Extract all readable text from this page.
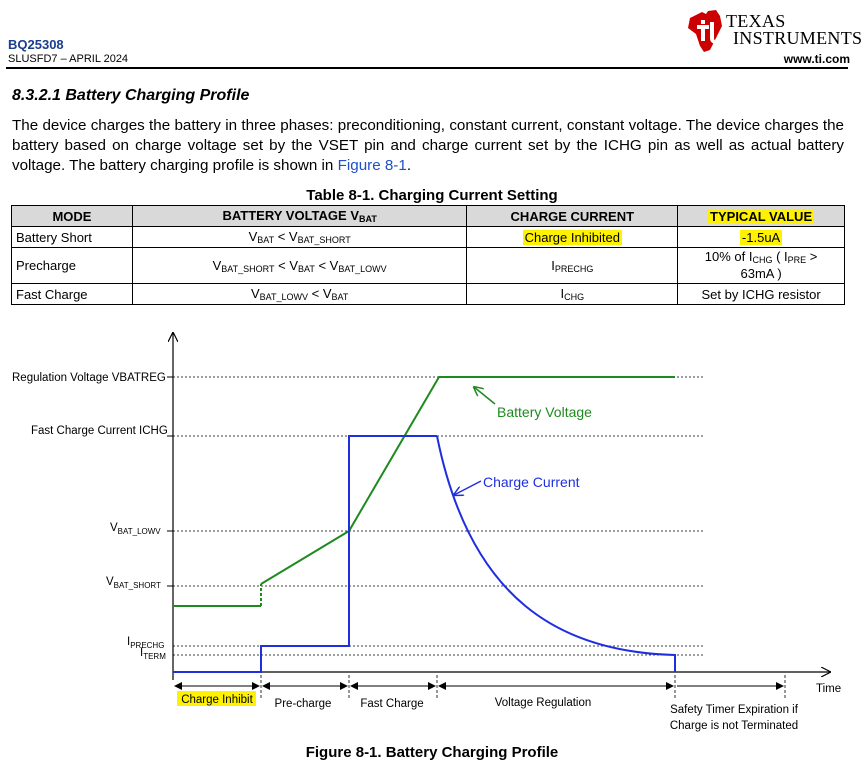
BQ25308
SLUSFD7 – APRIL 2024
TEXAS
INSTRUMENTS
www.ti.com
8.3.2.1 Battery Charging Profile
The device charges the battery in three phases: preconditioning, constant current, constant voltage. The device charges the battery based on charge voltage set by the VSET pin and charge current set by the ICHG pin as well as actual battery voltage. The battery charging profile is shown in Figure 8-1.
Table 8-1. Charging Current Setting
MODE	BATTERY VOLTAGE $V_{BAT}$	CHARGE CURRENT	TYPICAL VALUE
Battery Short	$V_{BAT} < V_{BAT\_SHORT}$	Charge Inhibited	-1.5uA
Precharge	$V_{BAT\_SHORT} < V_{BAT} < V_{BAT\_LOWV}$	$I_{PRECHG}$	10% of $I_{CHG}$ ( $I_{PRE}$ >
63mA )
Fast Charge	$V_{BAT\_LOWV} < V_{BAT}$	$I_{CHG}$	Set by ICHG resistor
Regulation Voltage VBATREG
Fast Charge Current ICHG
$V_{BAT\_LOWV}$
$V_{BAT\_SHORT}$
$I_{PRECHG}$
$I_{TERM}$
Battery Voltage
Charge Current
Time
Charge Inhibit Pre-charge	Fast Charge	Voltage Regulation
Safety Timer Expiration if
Charge is not Terminated
Figure 8-1. Battery Charging Profile
